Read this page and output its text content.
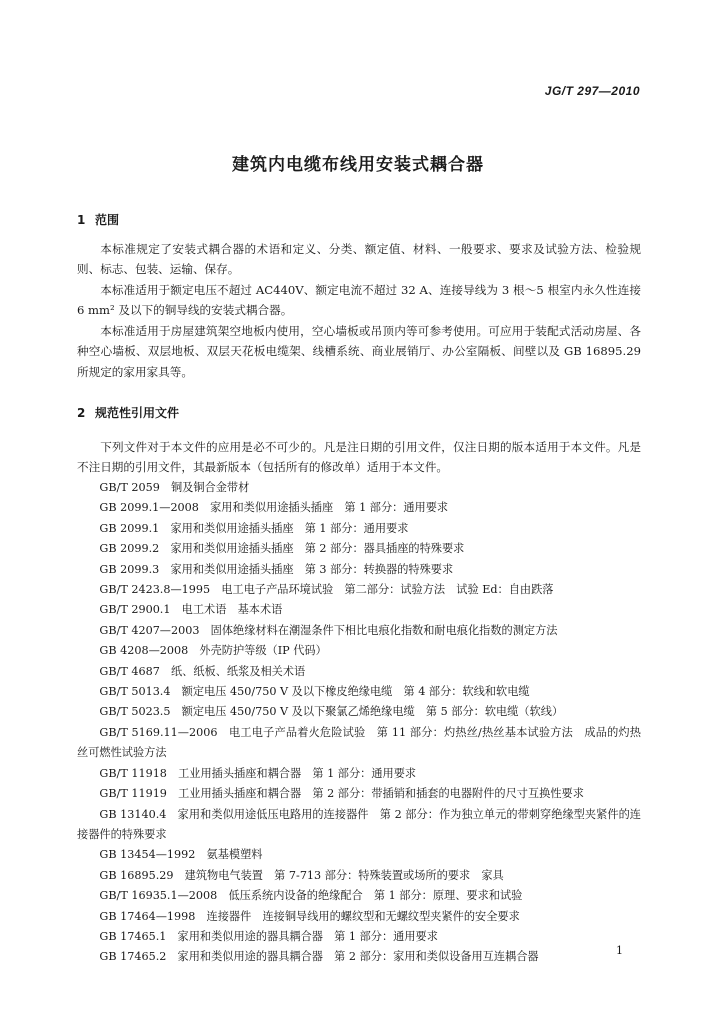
JG/T 297—2010
建筑内电缆布线用安装式耦合器
1 范围

本标准规定了安装式耦合器的术语和定义、分类、额定值、材料、一般要求、要求及试验方法、检验规则、标志、包装、运输、保存。

本标准适用于额定电压不超过 AC440V、额定电流不超过 32 A、连接导线为 3 根～5 根室内永久性连接 6 mm² 及以下的铜导线的安装式耦合器。

本标准适用于房屋建筑架空地板内使用，空心墙板或吊顶内等可参考使用。可应用于装配式活动房屋、各种空心墙板、双层地板、双层天花板电缆架、线槽系统、商业展销厅、办公室隔板、间壁以及 GB 16895.29 所规定的家用家具等。

2 规范性引用文件

下列文件对于本文件的应用是必不可少的。凡是注日期的引用文件，仅注日期的版本适用于本文件。凡是不注日期的引用文件，其最新版本（包括所有的修改单）适用于本文件。

GB/T 2059　铜及铜合金带材
GB 2099.1—2008　家用和类似用途插头插座　第 1 部分：通用要求
GB 2099.1　家用和类似用途插头插座　第 1 部分：通用要求
GB 2099.2　家用和类似用途插头插座　第 2 部分：器具插座的特殊要求
GB 2099.3　家用和类似用途插头插座　第 3 部分：转换器的特殊要求
GB/T 2423.8—1995　电工电子产品环境试验　第二部分：试验方法　试验 Ed：自由跌落
GB/T 2900.1　电工术语　基本术语
GB/T 4207—2003　固体绝缘材料在潮湿条件下相比电痕化指数和耐电痕化指数的测定方法
GB 4208—2008　外壳防护等级（IP 代码）
GB/T 4687　纸、纸板、纸浆及相关术语
GB/T 5013.4　额定电压 450/750 V 及以下橡皮绝缘电缆　第 4 部分：软线和软电缆
GB/T 5023.5　额定电压 450/750 V 及以下聚氯乙烯绝缘电缆　第 5 部分：软电缆（软线）
GB/T 5169.11—2006　电工电子产品着火危险试验　第 11 部分：灼热丝/热丝基本试验方法　成品的灼热丝可燃性试验方法
GB/T 11918　工业用插头插座和耦合器　第 1 部分：通用要求
GB/T 11919　工业用插头插座和耦合器　第 2 部分：带插销和插套的电器附件的尺寸互换性要求
GB 13140.4　家用和类似用途低压电路用的连接器件　第 2 部分：作为独立单元的带刺穿绝缘型夹紧件的连接器件的特殊要求
GB 13454—1992　氨基模塑料
GB 16895.29　建筑物电气装置　第 7-713 部分：特殊装置或场所的要求　家具
GB/T 16935.1—2008　低压系统内设备的绝缘配合　第 1 部分：原理、要求和试验
GB 17464—1998　连接器件　连接铜导线用的螺纹型和无螺纹型夹紧件的安全要求
GB 17465.1　家用和类似用途的器具耦合器　第 1 部分：通用要求
GB 17465.2　家用和类似用途的器具耦合器　第 2 部分：家用和类似设备用互连耦合器	1
